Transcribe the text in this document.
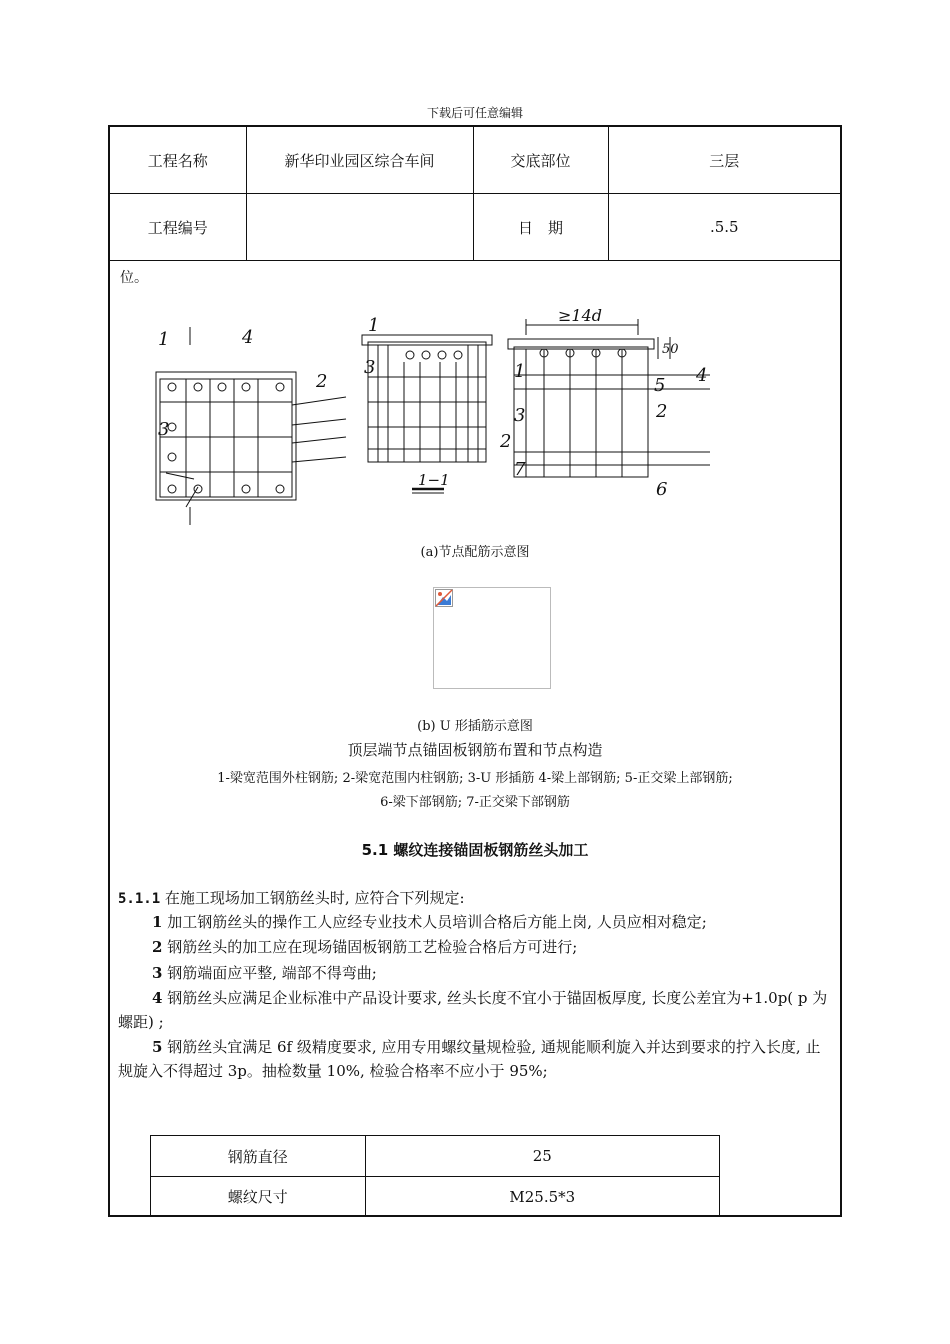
下载后可任意编辑
工程名称	新华印业园区综合车间	交底部位	三层
工程编号		日　期	.5.5
位。
1	4
2
3
1
3
2
1−1
1
3
7
4
5
2
6
≥14d
50
(a)节点配筋示意图
(b) U 形插筋示意图
顶层端节点锚固板钢筋布置和节点构造
1-梁宽范围外柱钢筋; 2-梁宽范围内柱钢筋; 3-U 形插筋 4-梁上部钢筋; 5-正交梁上部钢筋;
6-梁下部钢筋; 7-正交梁下部钢筋
5.1 螺纹连接锚固板钢筋丝头加工
5.1.1 在施工现场加工钢筋丝头时, 应符合下列规定:
1 加工钢筋丝头的操作工人应经专业技术人员培训合格后方能上岗, 人员应相对稳定;
2 钢筋丝头的加工应在现场锚固板钢筋工艺检验合格后方可进行;
3 钢筋端面应平整, 端部不得弯曲;
4 钢筋丝头应满足企业标准中产品设计要求, 丝头长度不宜小于锚固板厚度, 长度公差宜为+1.0p( p 为螺距) ;
5 钢筋丝头宜满足 6f 级精度要求, 应用专用螺纹量规检验, 通规能顺利旋入并达到要求的拧入长度, 止规旋入不得超过 3p。抽检数量 10%, 检验合格率不应小于 95%;
钢筋直径	25
螺纹尺寸	M25.5*3
